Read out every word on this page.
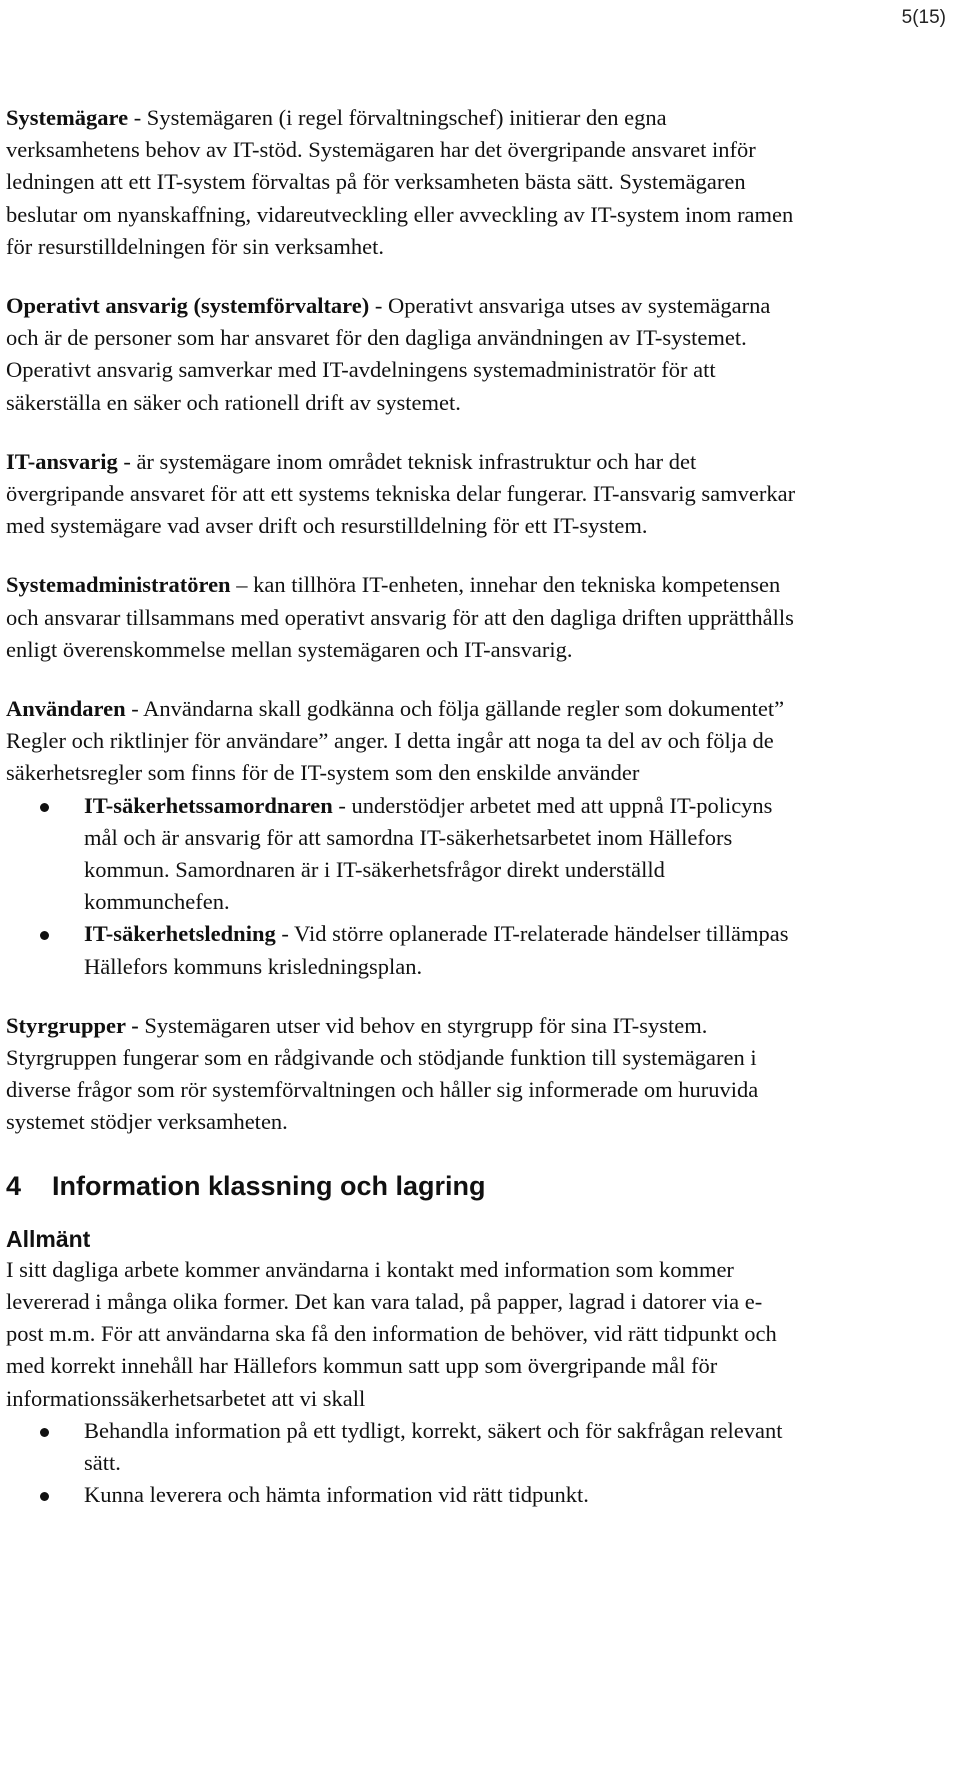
5(15)

Systemägare - Systemägaren (i regel förvaltningschef) initierar den egna verksamhetens behov av IT-stöd. Systemägaren har det övergripande ansvaret inför ledningen att ett IT-system förvaltas på för verksamheten bästa sätt. Systemägaren beslutar om nyanskaffning, vidareutveckling eller avveckling av IT-system inom ramen för resurstilldelningen för sin verksamhet.

Operativt ansvarig (systemförvaltare) - Operativt ansvariga utses av systemägarna och är de personer som har ansvaret för den dagliga användningen av IT-systemet. Operativt ansvarig samverkar med IT-avdelningens systemadministratör för att säkerställa en säker och rationell drift av systemet.

IT-ansvarig - är systemägare inom området teknisk infrastruktur och har det övergripande ansvaret för att ett systems tekniska delar fungerar. IT-ansvarig samverkar med systemägare vad avser drift och resurstilldelning för ett IT-system.

Systemadministratören – kan tillhöra IT-enheten, innehar den tekniska kompetensen och ansvarar tillsammans med operativt ansvarig för att den dagliga driften upprätthålls enligt överenskommelse mellan systemägaren och IT-ansvarig.

Användaren - Användarna skall godkänna och följa gällande regler som dokumentet” Regler och riktlinjer för användare” anger. I detta ingår att noga ta del av och följa de säkerhetsregler som finns för de IT-system som den enskilde använder

IT-säkerhetssamordnaren - understödjer arbetet med att uppnå IT-policyns mål och är ansvarig för att samordna IT-säkerhetsarbetet inom Hällefors kommun. Samordnaren är i IT-säkerhetsfrågor direkt underställd kommunchefen.
IT-säkerhetsledning - Vid större oplanerade IT-relaterade händelser tillämpas Hällefors kommuns krisledningsplan.

Styrgrupper - Systemägaren utser vid behov en styrgrupp för sina IT-system. Styrgruppen fungerar som en rådgivande och stödjande funktion till systemägaren i diverse frågor som rör systemförvaltningen och håller sig informerade om huruvida systemet stödjer verksamheten.

4 Information klassning och lagring
Allmänt

I sitt dagliga arbete kommer användarna i kontakt med information som kommer levererad i många olika former. Det kan vara talad, på papper, lagrad i datorer via e-post m.m. För att användarna ska få den information de behöver, vid rätt tidpunkt och med korrekt innehåll har Hällefors kommun satt upp som övergripande mål för informationssäkerhetsarbetet att vi skall

Behandla information på ett tydligt, korrekt, säkert och för sakfrågan relevant sätt.
Kunna leverera och hämta information vid rätt tidpunkt.
